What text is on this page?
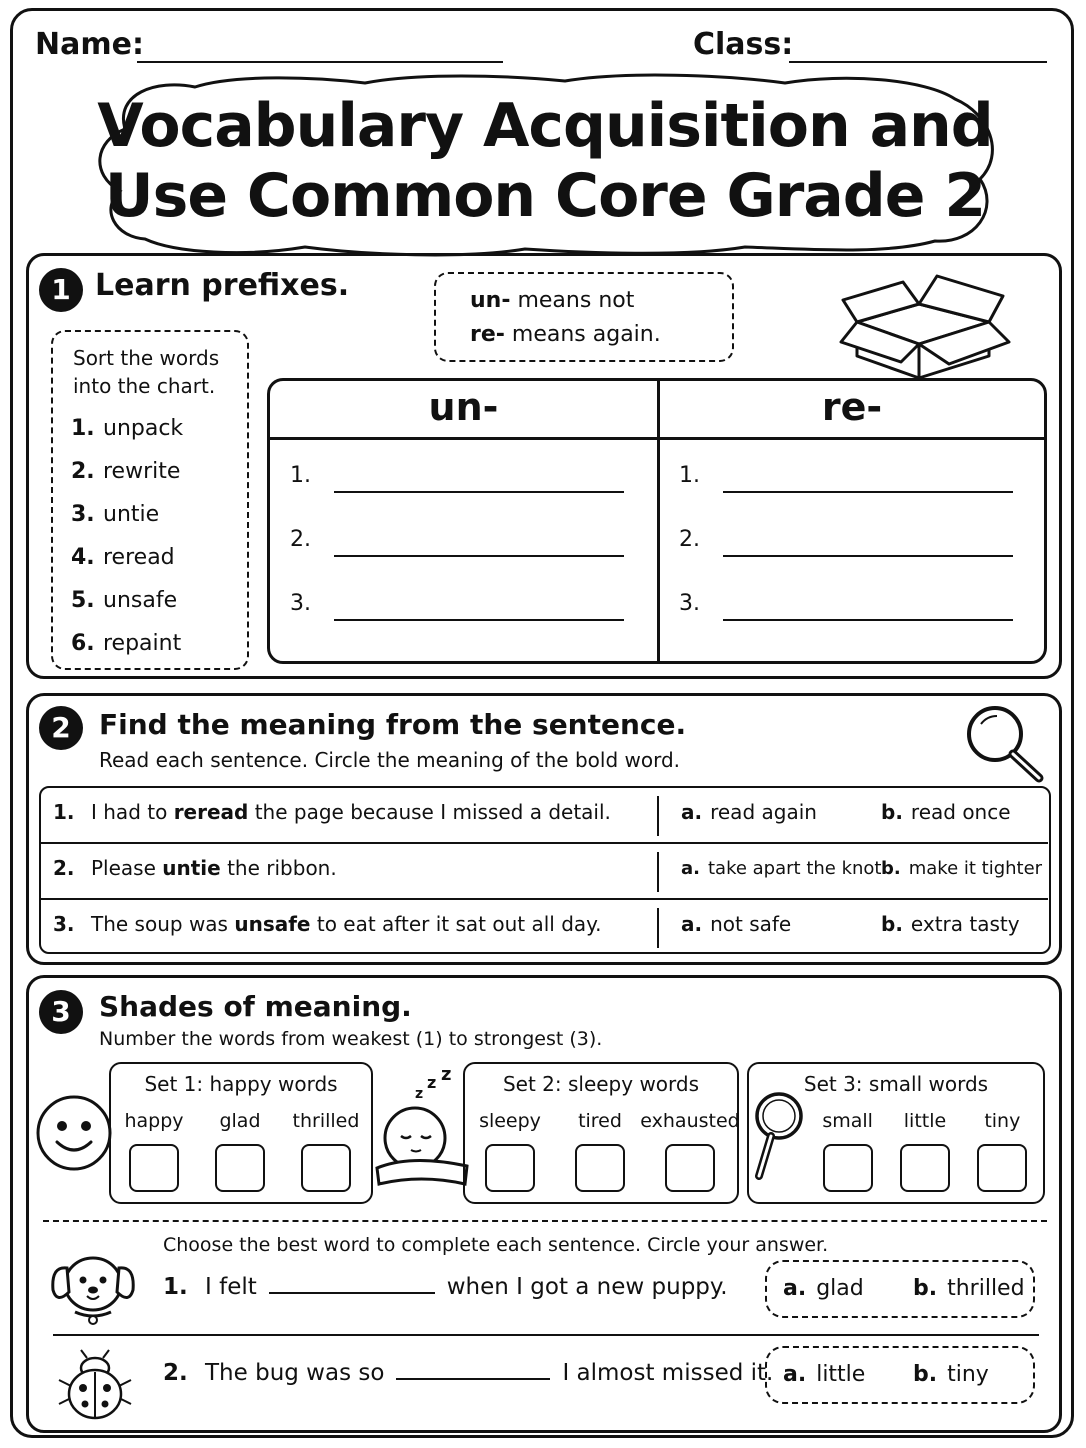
Name:	Class:
Vocabulary Acquisition and
Use Common Core Grade 2
1 Learn prefixes.	un- means not
re- means again.
Sort the words
into the chart.
1. unpack
2. rewrite
3. untie
4. reread
5. unsafe
6. repaint
un-	re-
1.
2.
3.
1.
2.
3.
2	Find the meaning from the sentence.
Read each sentence. Circle the meaning of the bold word.
1. I had to reread the page because I missed a detail.	a. read again	b. read once
2. Please untie the ribbon.	a. take apart the knot b. make it tighter
3. The soup was unsafe to eat after it sat out all day.	a. not safe	b. extra tasty
3	Shades of meaning.
Number the words from weakest (1) to strongest (3).
z
z z
Set 1: happy words
happy	glad	thrilled
Set 2: sleepy words
sleepy	tired exhausted
Set 3: small words
small	little	tiny
Choose the best word to complete each sentence. Circle your answer.
1. I felt	when I got a new puppy.	a. glad b. thrilled
2. The bug was so	I almost missed it. a. little b. tiny
